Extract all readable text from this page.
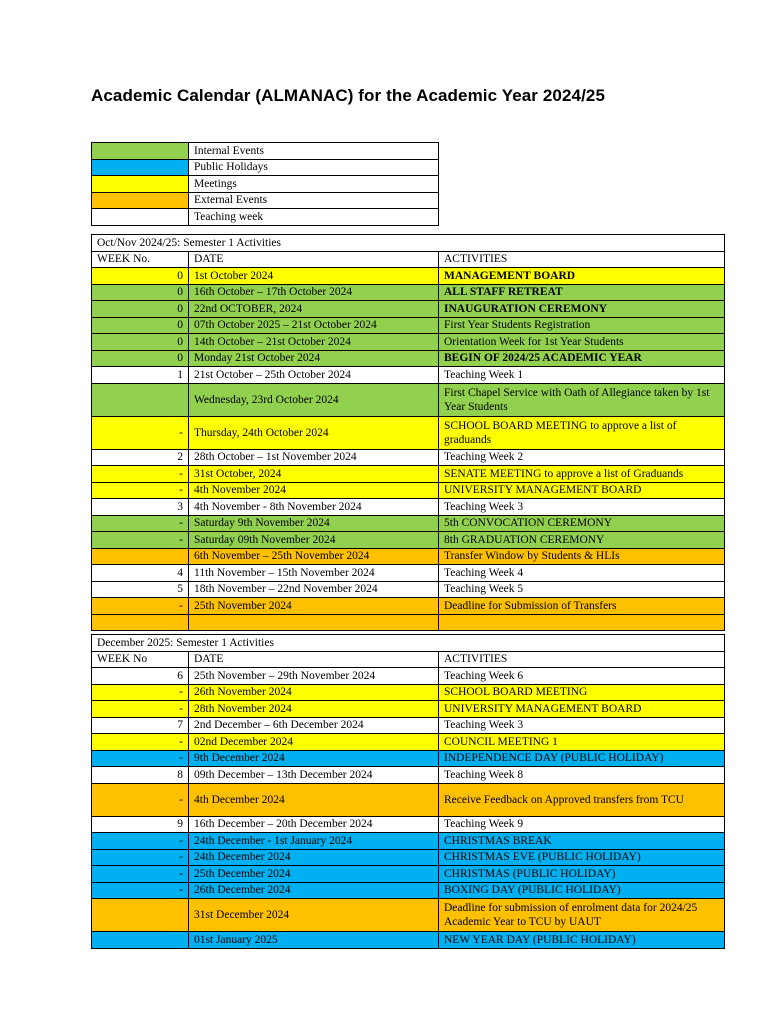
Academic Calendar (ALMANAC) for the Academic Year 2024/25
	Internal Events
	Public Holidays
	Meetings
	External Events
	Teaching week
Oct/Nov 2024/25: Semester 1 Activities		
WEEK No.	DATE	ACTIVITIES
0	1st October 2024	MANAGEMENT BOARD
0	16th October – 17th October 2024	ALL STAFF RETREAT
0	22nd OCTOBER, 2024	INAUGURATION CEREMONY
0	07th October 2025 – 21st October 2024	First Year Students Registration
0	14th October – 21st October 2024	Orientation Week for 1st Year Students
0	Monday 21st October 2024	BEGIN OF 2024/25 ACADEMIC YEAR
1	21st October – 25th October 2024	Teaching Week 1
	Wednesday, 23rd October 2024	First Chapel Service with Oath of Allegiance taken by 1st Year Students
-	Thursday, 24th October 2024	SCHOOL BOARD MEETING to approve a list of graduands
2	28th October – 1st November 2024	Teaching Week 2
-	31st October, 2024	SENATE MEETING to approve a list of Graduands
-	4th November 2024	UNIVERSITY MANAGEMENT BOARD
3	4th November - 8th November 2024	Teaching Week 3
-	Saturday 9th November 2024	5th CONVOCATION CEREMONY
-	Saturday 09th November 2024	8th GRADUATION CEREMONY
	6th November – 25th November 2024	Transfer Window by Students & HLIs
4	11th November – 15th November 2024	Teaching Week 4
5	18th November – 22nd November 2024	Teaching Week 5
-	25th November 2024	Deadline for Submission of Transfers

December 2025: Semester 1 Activities		
WEEK No	DATE	ACTIVITIES
6	25th November – 29th November 2024	Teaching Week 6
-	26th November 2024	SCHOOL BOARD MEETING
-	28th November 2024	UNIVERSITY MANAGEMENT BOARD
7	2nd December – 6th December 2024	Teaching Week 3
-	02nd December 2024	COUNCIL MEETING 1
-	9th December 2024	INDEPENDENCE DAY (PUBLIC HOLIDAY)
8	09th December – 13th December 2024	Teaching Week 8
-	4th December 2024	Receive Feedback on Approved transfers from TCU
9	16th December – 20th December 2024	Teaching Week 9
-	24th December - 1st January 2024	CHRISTMAS BREAK
-	24th December 2024	CHRISTMAS EVE (PUBLIC HOLIDAY)
-	25th December 2024	CHRISTMAS (PUBLIC HOLIDAY)
-	26th December 2024	BOXING DAY (PUBLIC HOLIDAY)
	31st December 2024	Deadline for submission of enrolment data for 2024/25 Academic Year to TCU by UAUT
	01st January 2025	NEW YEAR DAY (PUBLIC HOLIDAY)
